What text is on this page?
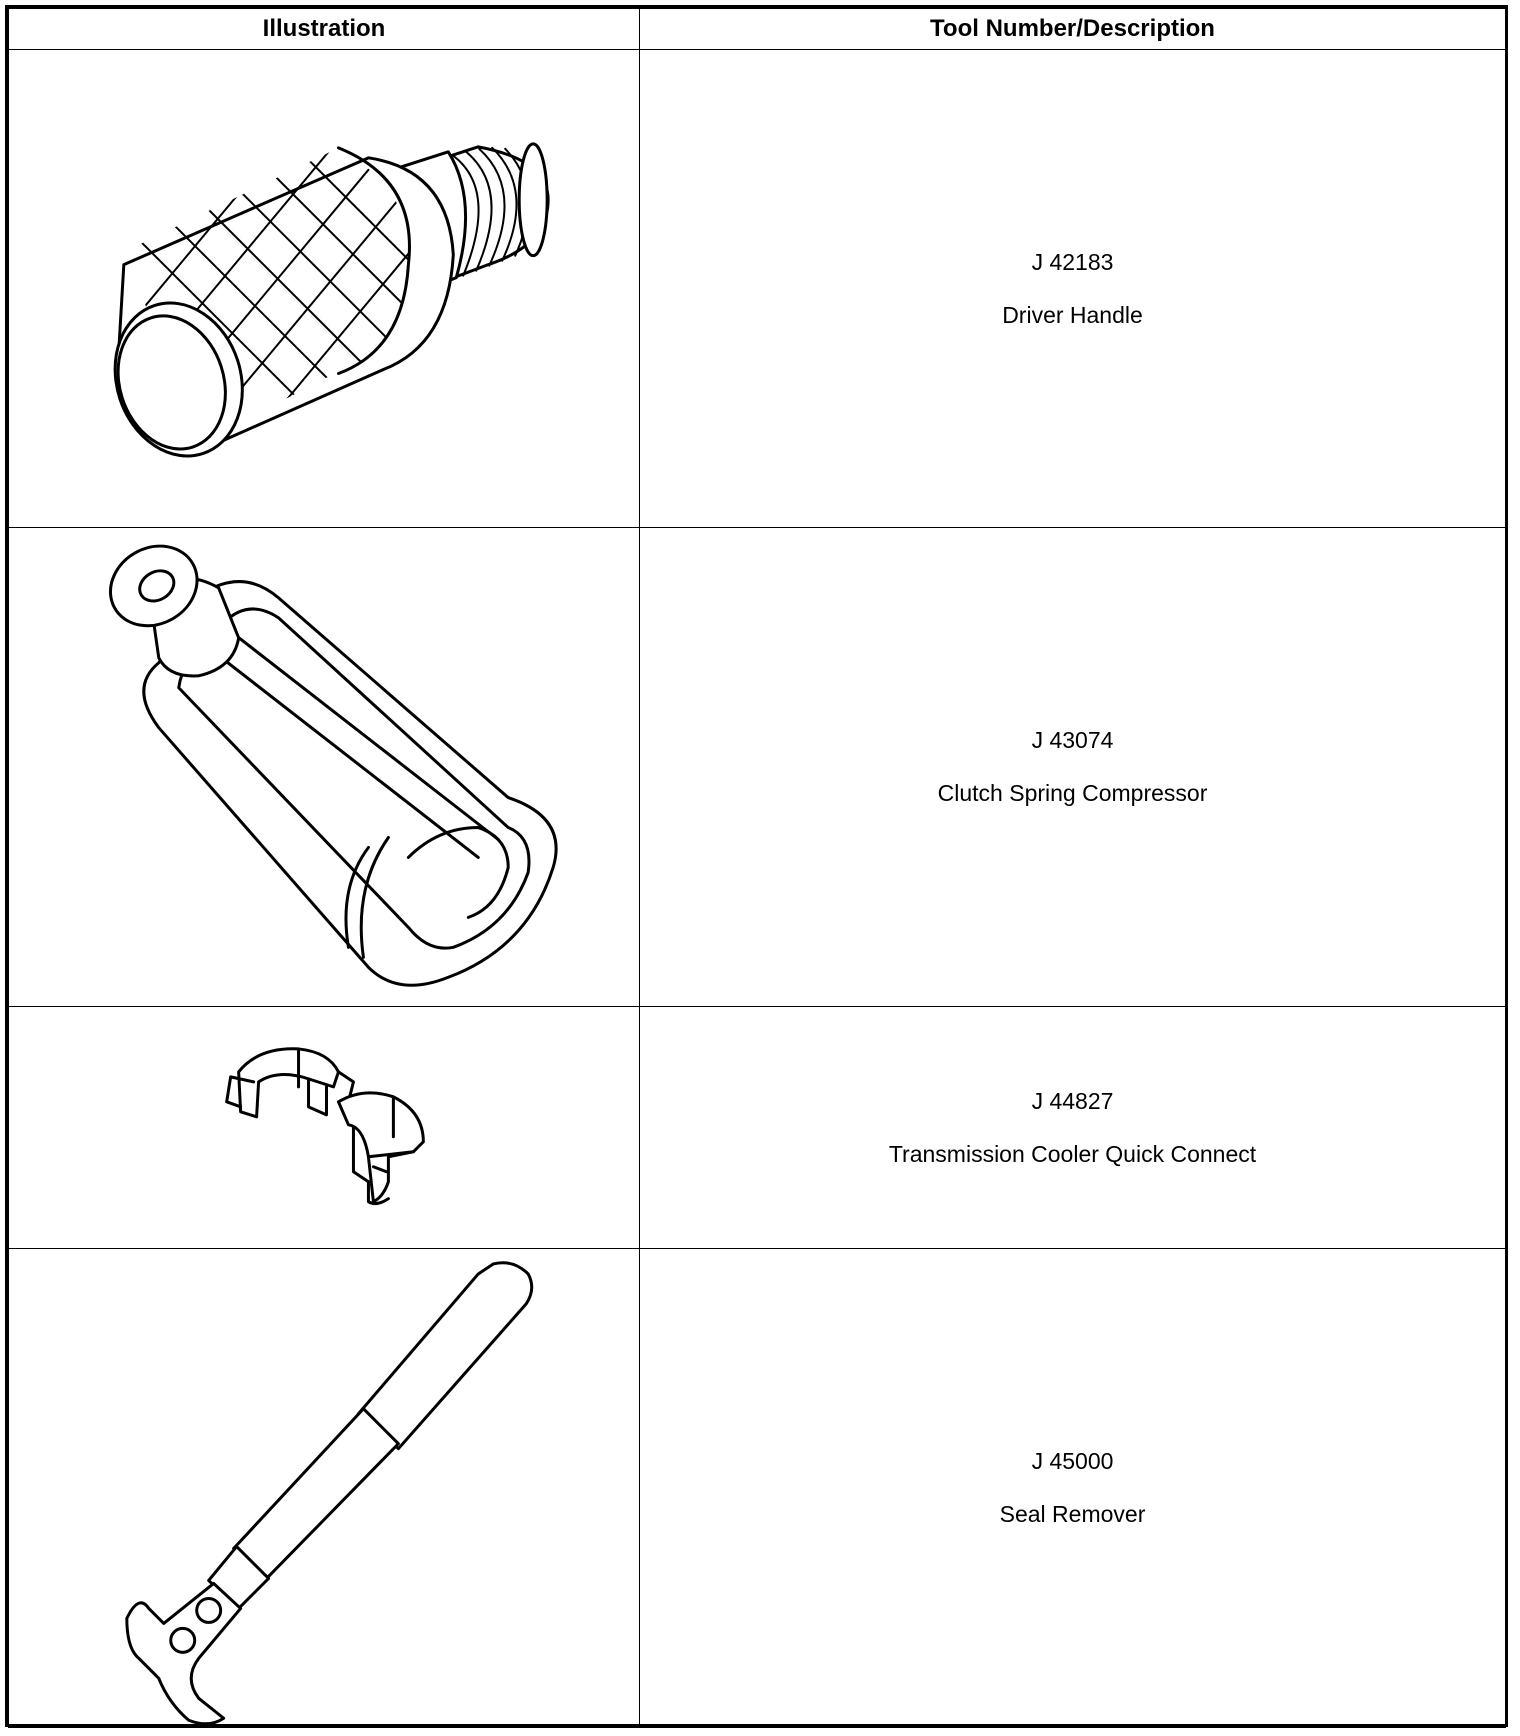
Illustration	Tool Number/Description

J 42183
Driver Handle

J 43074
Clutch Spring Compressor

J 44827
Transmission Cooler Quick Connect

J 45000
Seal Remover
